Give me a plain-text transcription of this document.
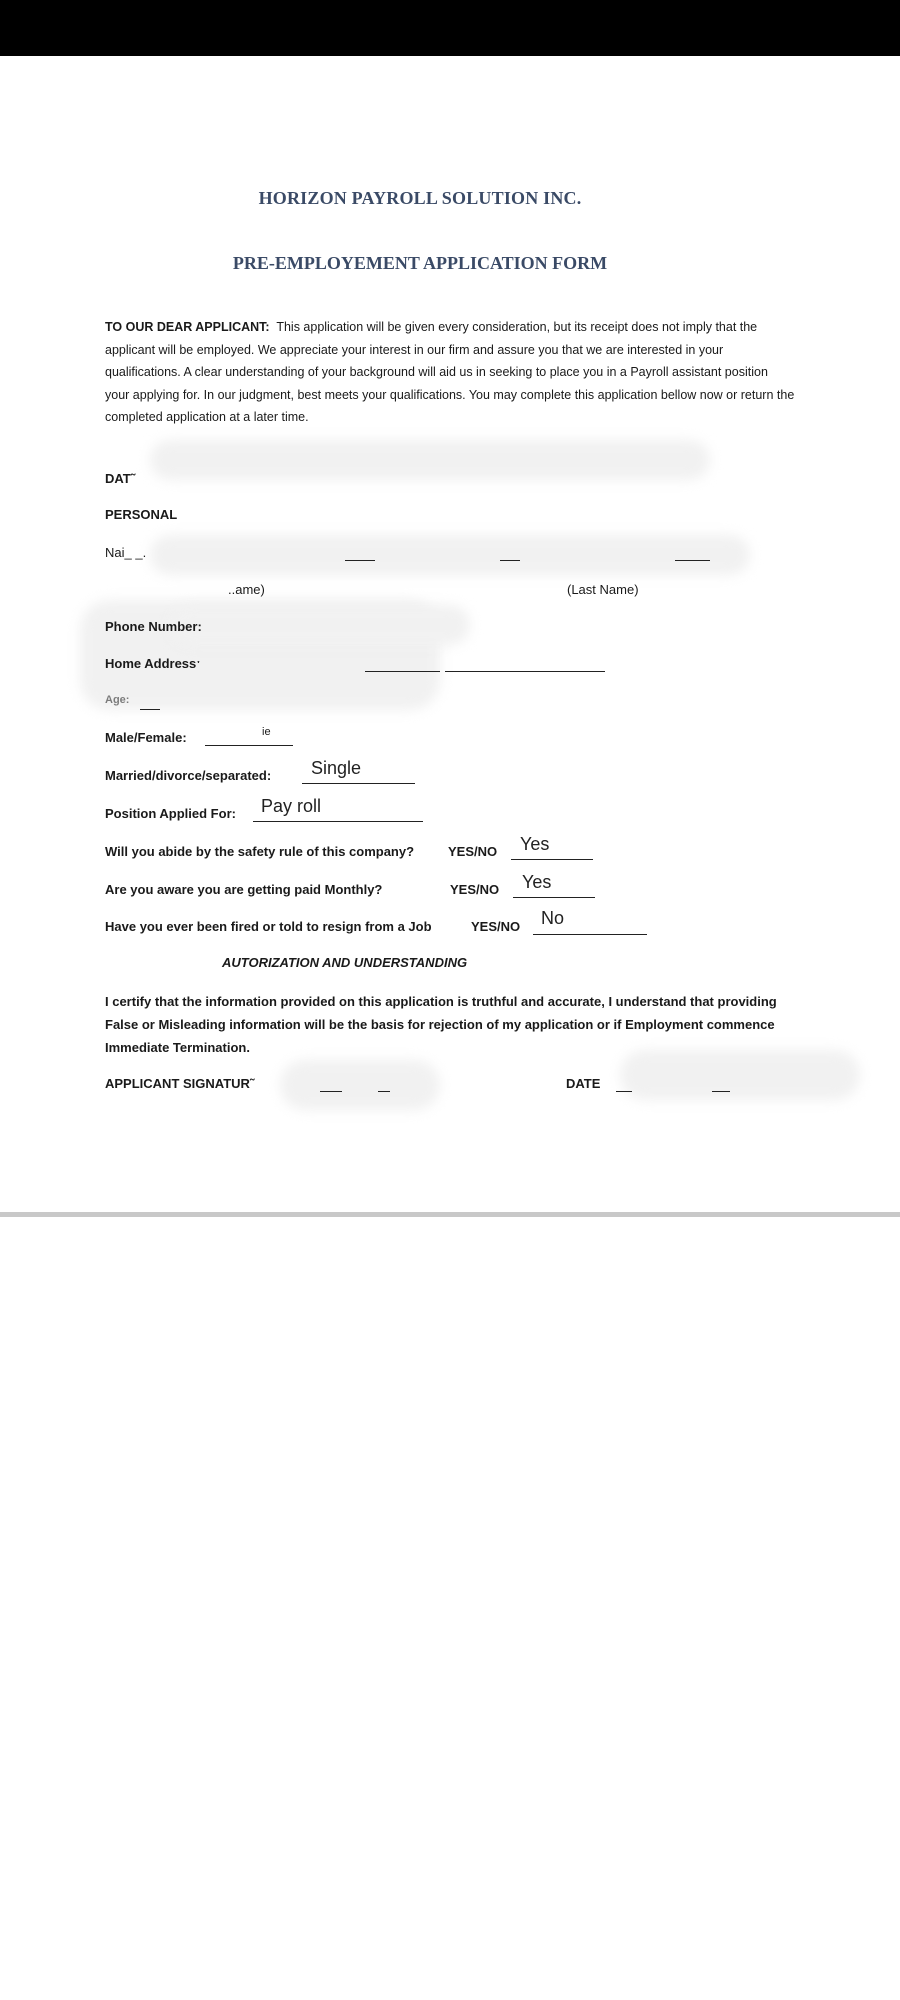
HORIZON PAYROLL SOLUTION INC.
PRE-EMPLOYEMENT APPLICATION FORM
TO OUR DEAR APPLICANT: This application will be given every consideration, but its receipt does not imply that the applicant will be employed. We appreciate your interest in our firm and assure you that we are interested in your qualifications. A clear understanding of your background will aid us in seeking to place you in a Payroll assistant position your applying for. In our judgment, best meets your qualifications. You may complete this application bellow now or return the completed application at a later time.
DAT˜
PERSONAL
Nai_ _.
..ame)	(Last Name)
Phone Number:
Home Addressˑ
Age:
Male/Female:	ie
Married/divorce/separated: Single
Position Applied For: Pay roll
Will you abide by the safety rule of this company?	YES/NO Yes
Are you aware you are getting paid Monthly?	YES/NO Yes
Have you ever been fired or told to resign from a Job	YES/NO No
AUTORIZATION AND UNDERSTANDING
I certify that the information provided on this application is truthful and accurate, I understand that providing False or Misleading information will be the basis for rejection of my application or if Employment commence Immediate Termination.
APPLICANT SIGNATUR˜	DATE
